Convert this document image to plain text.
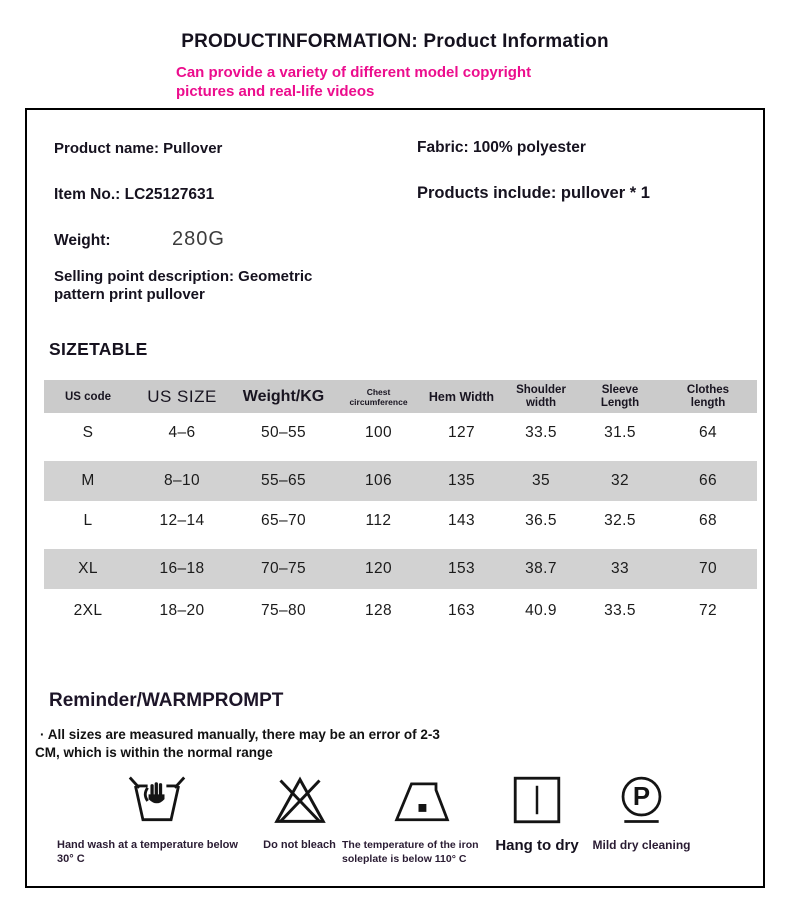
PRODUCTINFORMATION: Product Information
Can provide a variety of different model copyright
pictures and real-life videos
Product name: Pullover	Fabric: 100% polyester
Item No.: LC25127631	Products include: pullover * 1
Weight:	280G
Selling point description: Geometric pattern print pullover
SIZETABLE
US code	US SIZE	Weight/KG	Chest circumference	Hem Width	Shoulder width	Sleeve Length	Clothes length
S	4–6	50–55	100	127	33.5	31.5	64
M	8–10	55–65	106	135	35	32	66
L	12–14	65–70	112	143	36.5	32.5	68
XL	16–18	70–75	120	153	38.7	33	70
2XL	18–20	75–80	128	163	40.9	33.5	72
Reminder/WARMPROMPT
· All sizes are measured manually, there may be an error of 2-3
CM, which is within the normal range
Hand wash at a temperature below 30° C
Do not bleach The temperature of the iron soleplate is below 110° C
Hang to dry
P
Mild dry cleaning
